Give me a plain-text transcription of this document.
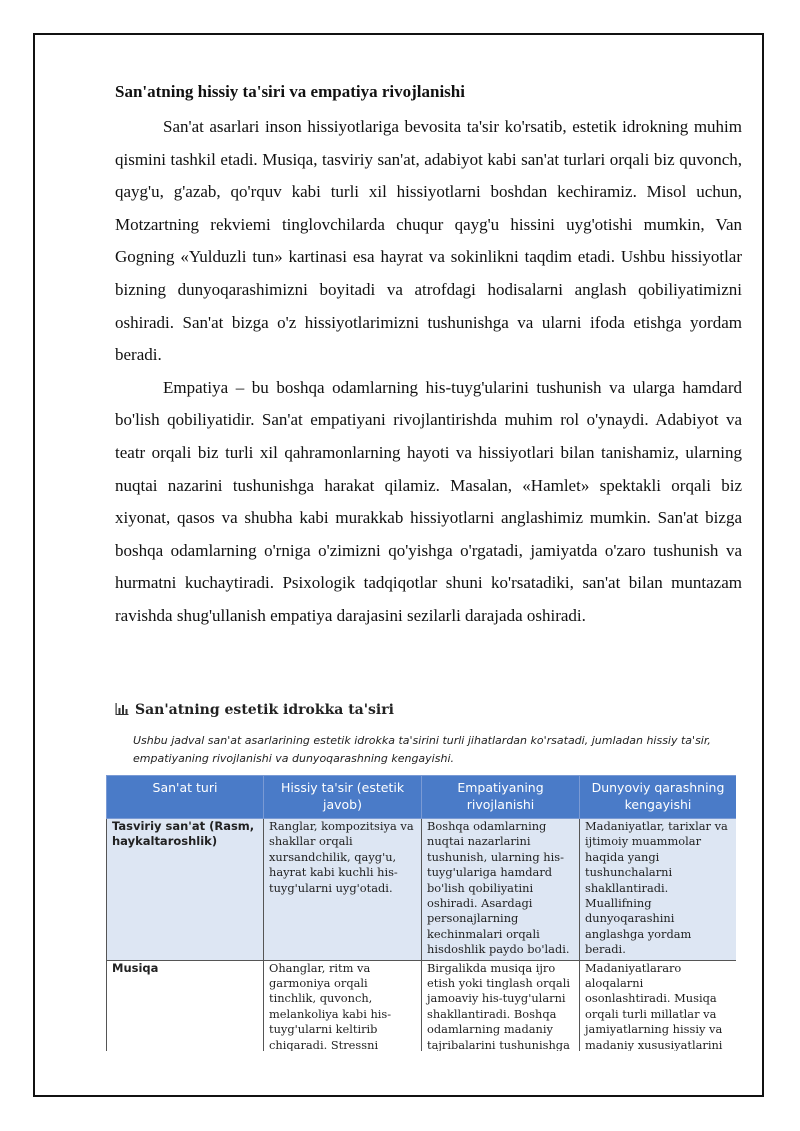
San'atning hissiy ta'siri va empatiya rivojlanishi

San'at asarlari inson hissiyotlariga bevosita ta'sir ko'rsatib, estetik idrokning muhim qismini tashkil etadi. Musiqa, tasviriy san'at, adabiyot kabi san'at turlari orqali biz quvonch, qayg'u, g'azab, qo'rquv kabi turli xil hissiyotlarni boshdan kechiramiz. Misol uchun, Motzartning rekviemi tinglovchilarda chuqur qayg'u hissini uyg'otishi mumkin, Van Gogning «Yulduzli tun» kartinasi esa hayrat va sokinlikni taqdim etadi. Ushbu hissiyotlar bizning dunyoqarashimizni boyitadi va atrofdagi hodisalarni anglash qobiliyatimizni oshiradi. San'at bizga o'z hissiyotlarimizni tushunishga va ularni ifoda etishga yordam beradi.

Empatiya – bu boshqa odamlarning his-tuyg'ularini tushunish va ularga hamdard bo'lish qobiliyatidir. San'at empatiyani rivojlantirishda muhim rol o'ynaydi. Adabiyot va teatr orqali biz turli xil qahramonlarning hayoti va hissiyotlari bilan tanishamiz, ularning nuqtai nazarini tushunishga harakat qilamiz. Masalan, «Hamlet» spektakli orqali biz xiyonat, qasos va shubha kabi murakkab hissiyotlarni anglashimiz mumkin. San'at bizga boshqa odamlarning o'rniga o'zimizni qo'yishga o'rgatadi, jamiyatda o'zaro tushunish va hurmatni kuchaytiradi. Psixologik tadqiqotlar shuni ko'rsatadiki, san'at bilan muntazam ravishda shug'ullanish empatiya darajasini sezilarli darajada oshiradi.

San'atning estetik idrokka ta'siri
Ushbu jadval san'at asarlarining estetik idrokka ta'sirini turli jihatlardan ko'rsatadi, jumladan hissiy ta'sir, empatiyaning rivojlanishi va dunyoqarashning kengayishi.
San'at turi	Hissiy ta'sir (estetik javob)	Empatiyaning rivojlanishi	Dunyoviy qarashning kengayishi
Tasviriy san'at (Rasm, haykaltaroshlik)	Ranglar, kompozitsiya va shakllar orqali xursandchilik, qayg'u, hayrat kabi kuchli his-tuyg'ularni uyg'otadi.	Boshqa odamlarning nuqtai nazarlarini tushunish, ularning his-tuyg'ulariga hamdard bo'lish qobiliyatini oshiradi. Asardagi personajlarning kechinmalari orqali hisdoshlik paydo bo'ladi.	Madaniyatlar, tarixlar va ijtimoiy muammolar haqida yangi tushunchalarni shakllantiradi. Muallifning dunyoqarashini anglashga yordam beradi.
Musiqa	Ohanglar, ritm va garmoniya orqali tinchlik, quvonch, melankoliya kabi his-tuyg'ularni keltirib chiqaradi. Stressni	Birgalikda musiqa ijro etish yoki tinglash orqali jamoaviy his-tuyg'ularni shakllantiradi. Boshqa odamlarning madaniy tajribalarini tushunishga	Madaniyatlararo aloqalarni osonlashtiradi. Musiqa orqali turli millatlar va jamiyatlarning hissiy va madaniy xususiyatlarini
